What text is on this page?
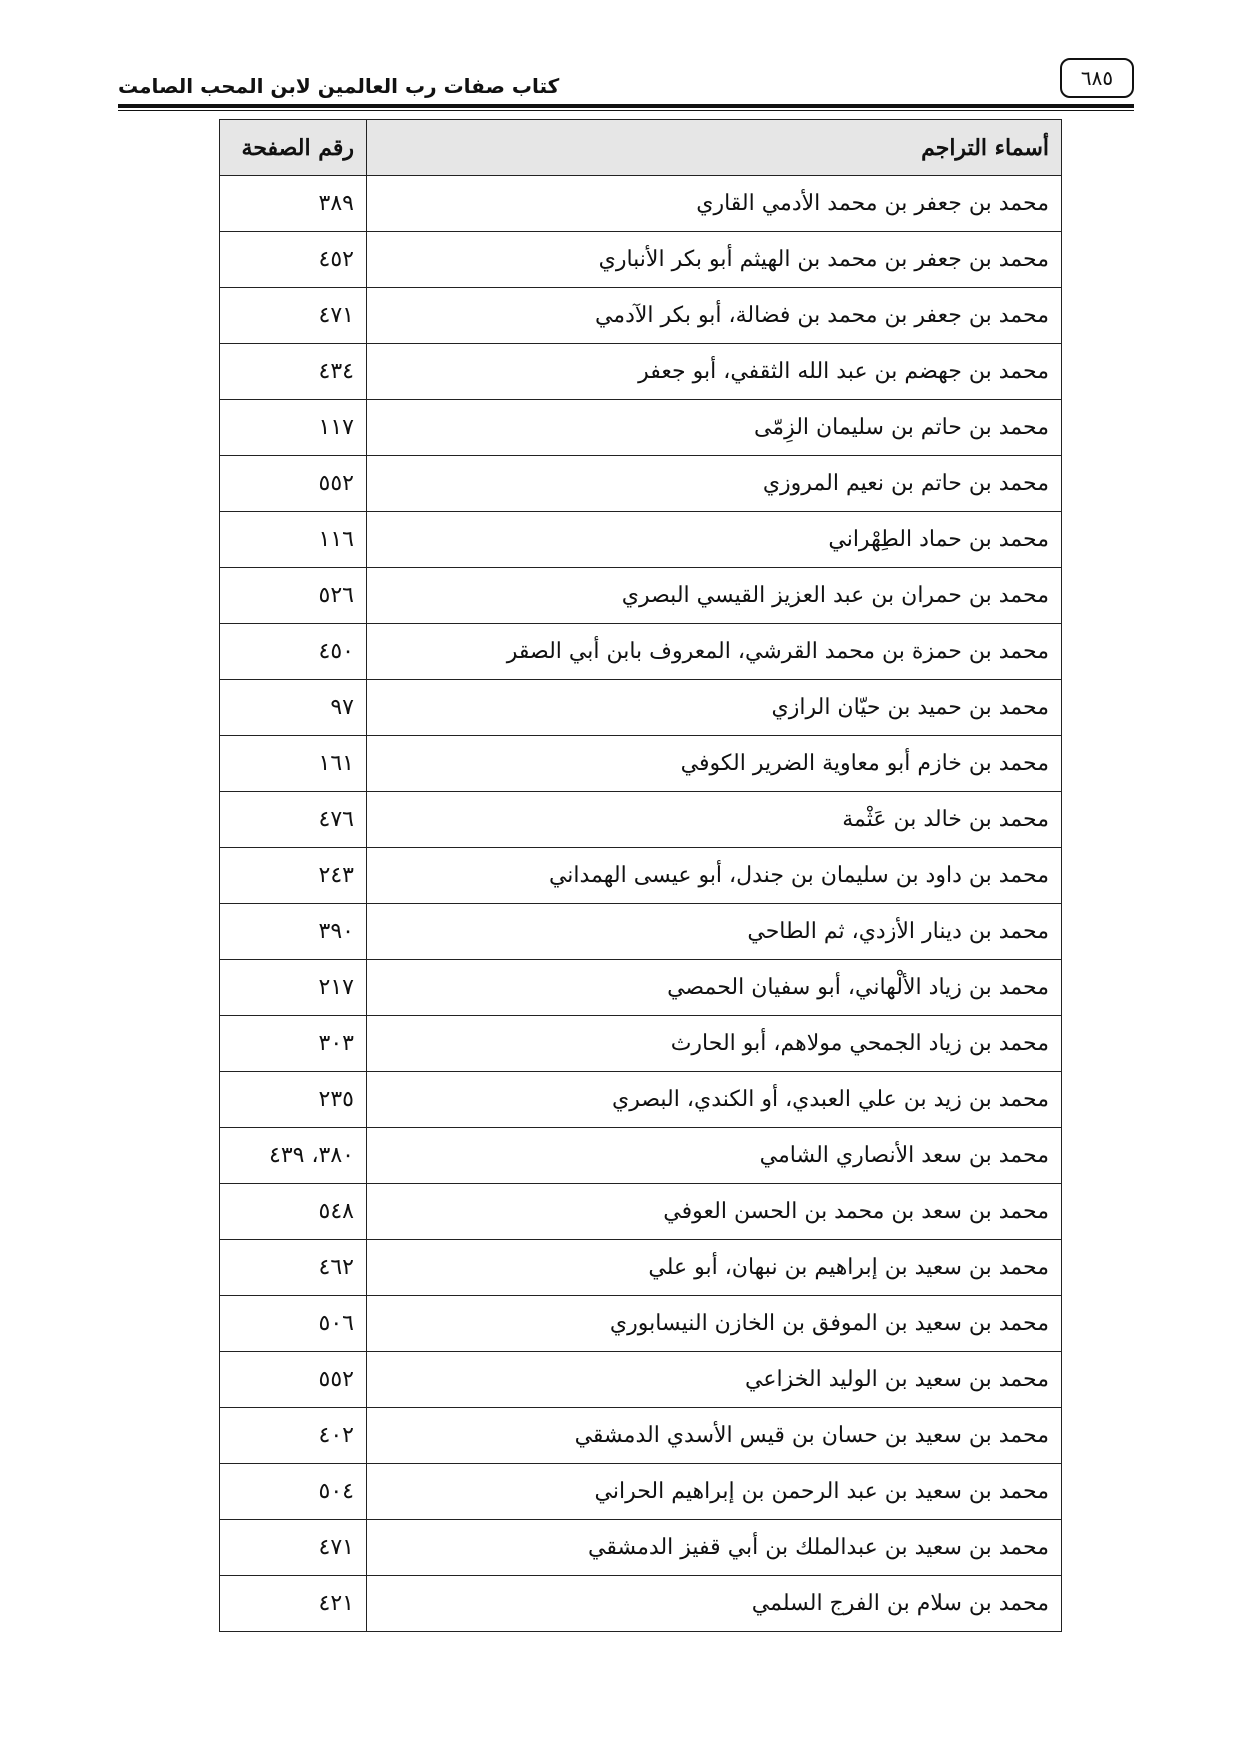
كتاب صفات رب العالمين لابن المحب الصامت	٦٨٥
أسماء التراجم	رقم الصفحة
محمد بن جعفر بن محمد الأدمي القاري	٣٨٩
محمد بن جعفر بن محمد بن الهيثم أبو بكر الأنباري	٤٥٢
محمد بن جعفر بن محمد بن فضالة، أبو بكر الآدمي	٤٧١
محمد بن جهضم بن عبد الله الثقفي، أبو جعفر	٤٣٤
محمد بن حاتم بن سليمان الزِمّى	١١٧
محمد بن حاتم بن نعيم المروزي	٥٥٢
محمد بن حماد الطِهْراني	١١٦
محمد بن حمران بن عبد العزيز القيسي البصري	٥٢٦
محمد بن حمزة بن محمد القرشي، المعروف بابن أبي الصقر	٤٥٠
محمد بن حميد بن حيّان الرازي	٩٧
محمد بن خازم أبو معاوية الضرير الكوفي	١٦١
محمد بن خالد بن عَثْمة	٤٧٦
محمد بن داود بن سليمان بن جندل، أبو عيسى الهمداني	٢٤٣
محمد بن دينار الأزدي، ثم الطاحي	٣٩٠
محمد بن زياد الألْهاني، أبو سفيان الحمصي	٢١٧
محمد بن زياد الجمحي مولاهم، أبو الحارث	٣٠٣
محمد بن زيد بن علي العبدي، أو الكندي، البصري	٢٣٥
محمد بن سعد الأنصاري الشامي	٣٨٠، ٤٣٩
محمد بن سعد بن محمد بن الحسن العوفي	٥٤٨
محمد بن سعيد بن إبراهيم بن نبهان، أبو علي	٤٦٢
محمد بن سعيد بن الموفق بن الخازن النيسابوري	٥٠٦
محمد بن سعيد بن الوليد الخزاعي	٥٥٢
محمد بن سعيد بن حسان بن قيس الأسدي الدمشقي	٤٠٢
محمد بن سعيد بن عبد الرحمن بن إبراهيم الحراني	٥٠٤
محمد بن سعيد بن عبدالملك بن أبي قفيز الدمشقي	٤٧١
محمد بن سلام بن الفرج السلمي	٤٢١
